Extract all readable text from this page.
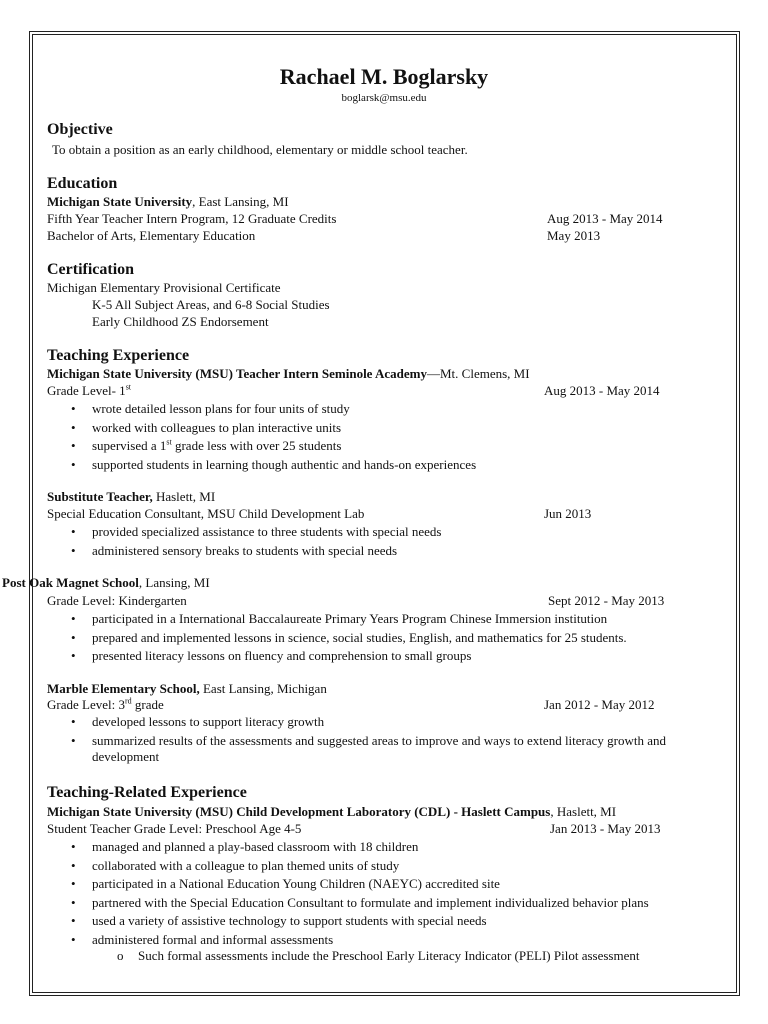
Rachael M. Boglarsky
boglarsk@msu.edu
Objective
To obtain a position as an early childhood, elementary or middle school teacher.
Education
Michigan State University, East Lansing, MI
Fifth Year Teacher Intern Program, 12 Graduate Credits	Aug 2013 - May 2014
Bachelor of Arts, Elementary Education	May 2013
Certification
Michigan Elementary Provisional Certificate
K-5 All Subject Areas, and 6-8 Social Studies
Early Childhood ZS Endorsement
Teaching Experience
Michigan State University (MSU) Teacher Intern Seminole Academy—Mt. Clemens, MI
Grade Level- 1st	Aug 2013 - May 2014
• wrote detailed lesson plans for four units of study
• worked with colleagues to plan interactive units
• supervised a 1st grade less with over 25 students
• supported students in learning though authentic and hands-on experiences
Substitute Teacher, Haslett, MI
Special Education Consultant, MSU Child Development Lab	Jun 2013
• provided specialized assistance to three students with special needs
• administered sensory breaks to students with special needs
Post Oak Magnet School, Lansing, MI
Grade Level: Kindergarten	Sept 2012 - May 2013
• participated in a International Baccalaureate Primary Years Program Chinese Immersion institution
• prepared and implemented lessons in science, social studies, English, and mathematics for 25 students.
• presented literacy lessons on fluency and comprehension to small groups
Marble Elementary School, East Lansing, Michigan
Grade Level: 3rd grade	Jan 2012 - May 2012
• developed lessons to support literacy growth
• summarized results of the assessments and suggested areas to improve and ways to extend literacy growth and
development
Teaching-Related Experience
Michigan State University (MSU) Child Development Laboratory (CDL) - Haslett Campus, Haslett, MI
Student Teacher Grade Level: Preschool Age 4-5	Jan 2013 - May 2013
• managed and planned a play-based classroom with 18 children
• collaborated with a colleague to plan themed units of study
• participated in a National Education Young Children (NAEYC) accredited site
• partnered with the Special Education Consultant to formulate and implement individualized behavior plans
• used a variety of assistive technology to support students with special needs
• administered formal and informal assessments
o Such formal assessments include the Preschool Early Literacy Indicator (PELI) Pilot assessment
